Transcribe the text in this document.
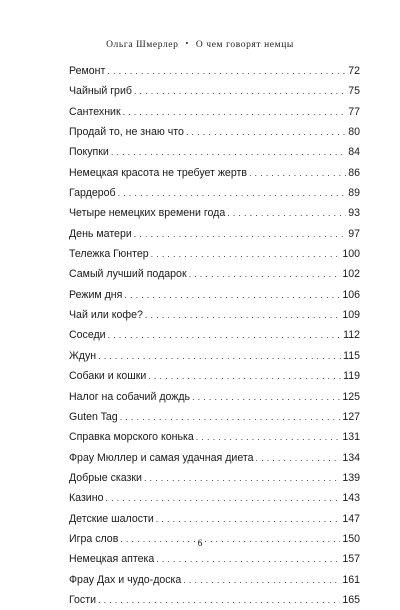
Ольга Шмерлер • О чем говорят немцы
Ремонт . . .	72
Чайный гриб . . .	75
Сантехник . . .	77
Продай то, не знаю что . . .	80
Покупки . . .	84
Немецкая красота не требует жертв . . .	86
Гардероб . . .	89
Четыре немецких времени года . . .	93
День матери . . .	97
Тележка Гюнтер . . .	100
Самый лучший подарок . . .	102
Режим дня . . .	106
Чай или кофе? . . .	109
Соседи . . .	112
Ждун . . .	115
Собаки и кошки . . .	119
Налог на собачий дождь . . .	125
Guten Tag . . .	127
Справка морского конька . . .	131
Фрау Мюллер и самая удачная диета . . .	134
Добрые сказки . . .	139
Казино . . .	143
Детские шалости . . .	147
Игра слов . . .	150
Немецкая аптека . . .	157
Фрау Дах и чудо-доска . . .	161
Гости . . .	165
6
